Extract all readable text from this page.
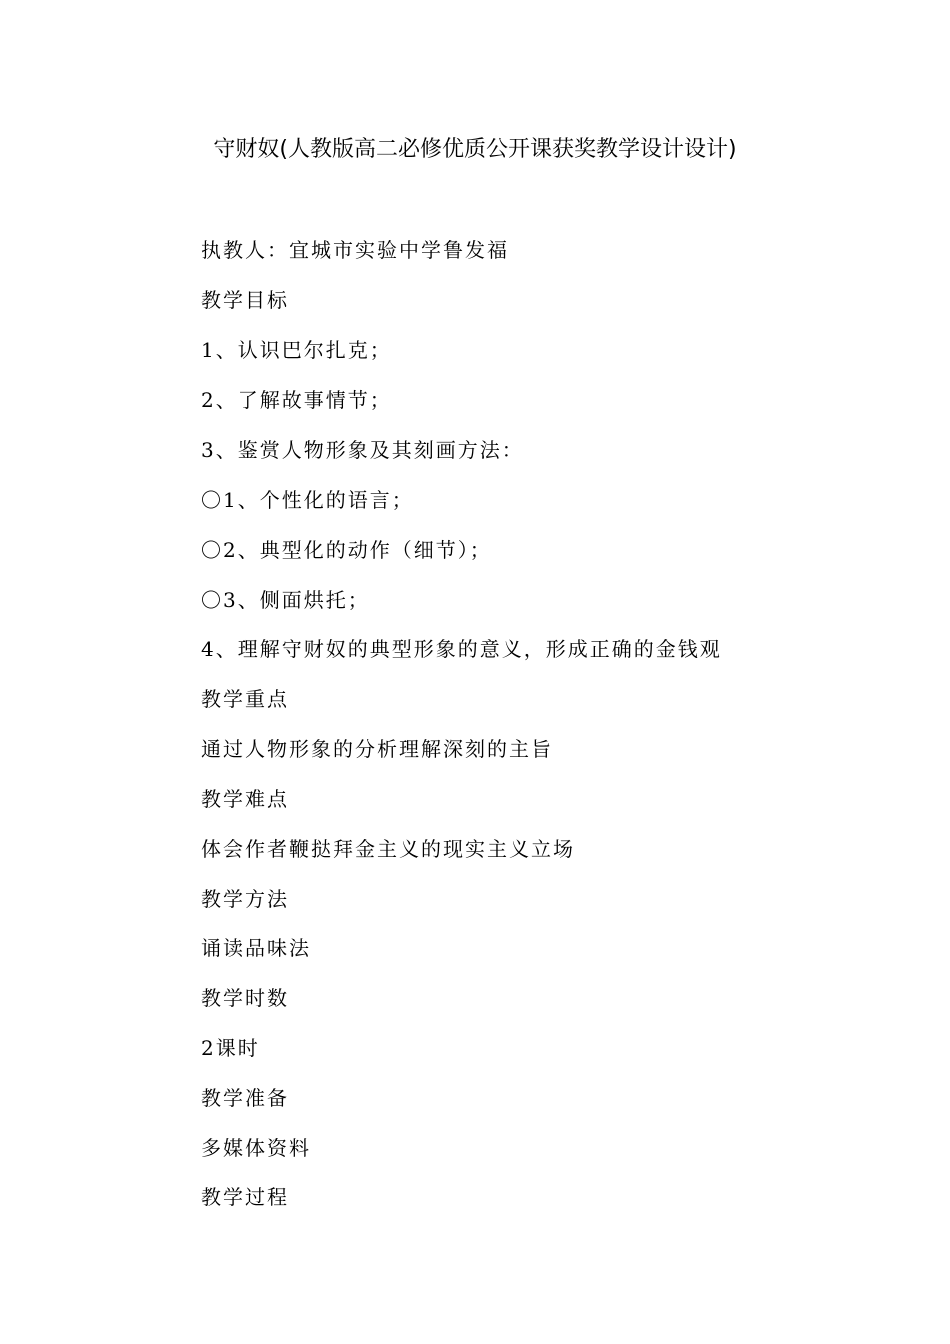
守财奴(人教版高二必修优质公开课获奖教学设计设计)
执教人：宜城市实验中学鲁发福
教学目标
1、认识巴尔扎克；
2、了解故事情节；
3、鉴赏人物形象及其刻画方法：
〇1、个性化的语言；
〇2、典型化的动作（细节）；
〇3、侧面烘托；
4、理解守财奴的典型形象的意义，形成正确的金钱观
教学重点
通过人物形象的分析理解深刻的主旨
教学难点
体会作者鞭挞拜金主义的现实主义立场
教学方法
诵读品味法
教学时数
2课时
教学准备
多媒体资料
教学过程
